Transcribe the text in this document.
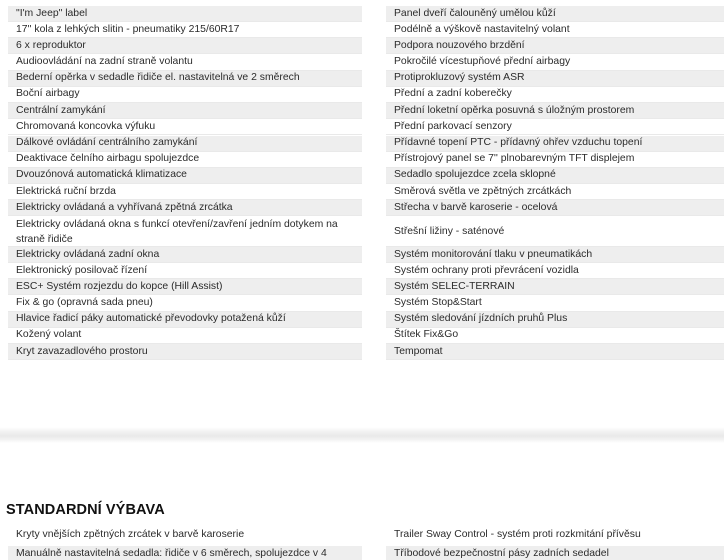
"I'm Jeep" label
17'' kola z lehkých slitin - pneumatiky 215/60R17
6 x reproduktor
Audioovládání na zadní straně volantu
Bederní opěrka v sedadle řidiče el. nastavitelná ve 2 směrech
Boční airbagy
Centrální zamykání
Chromovaná koncovka výfuku
Dálkové ovládání centrálního zamykání
Deaktivace čelního airbagu spolujezdce
Dvouzónová automatická klimatizace
Elektrická ruční brzda
Elektricky ovládaná a vyhřívaná zpětná zrcátka
Elektricky ovládaná okna s funkcí otevření/zavření jedním dotykem na straně řidiče
Elektricky ovládaná zadní okna
Elektronický posilovač řízení
ESC+ Systém rozjezdu do kopce (Hill Assist)
Fix & go (opravná sada pneu)
Hlavice řadicí páky automatické převodovky potažená kůží
Kožený volant
Kryt zavazadlového prostoru
Panel dveří čalouněný umělou kůží
Podélně a výškově nastavitelný volant
Podpora nouzového brzdění
Pokročilé vícestupňové přední airbagy
Protiprokluzový systém ASR
Přední a zadní koberečky
Přední loketní opěrka posuvná s úložným prostorem
Přední parkovací senzory
Přídavné topení PTC - přídavný ohřev vzduchu topení
Přístrojový panel se 7'' plnobarevným TFT displejem
Sedadlo spolujezdce zcela sklopné
Směrová světla ve zpětných zrcátkách
Střecha v barvě karoserie - ocelová
Střešní ližiny - saténové
Systém monitorování tlaku v pneumatikách
Systém ochrany proti převrácení vozidla
Systém SELEC-TERRAIN
Systém Stop&Start
Systém sledování jízdních pruhů Plus
Štítek Fix&Go
Tempomat
STANDARDNÍ VÝBAVA
Kryty vnějších zpětných zrcátek v barvě karoserie
Manuálně nastavitelná sedadla: řidiče v 6 směrech, spolujezdce v 4
Trailer Sway Control - systém proti rozkmitání přívěsu
Tříbodové bezpečnostní pásy zadních sedadel
